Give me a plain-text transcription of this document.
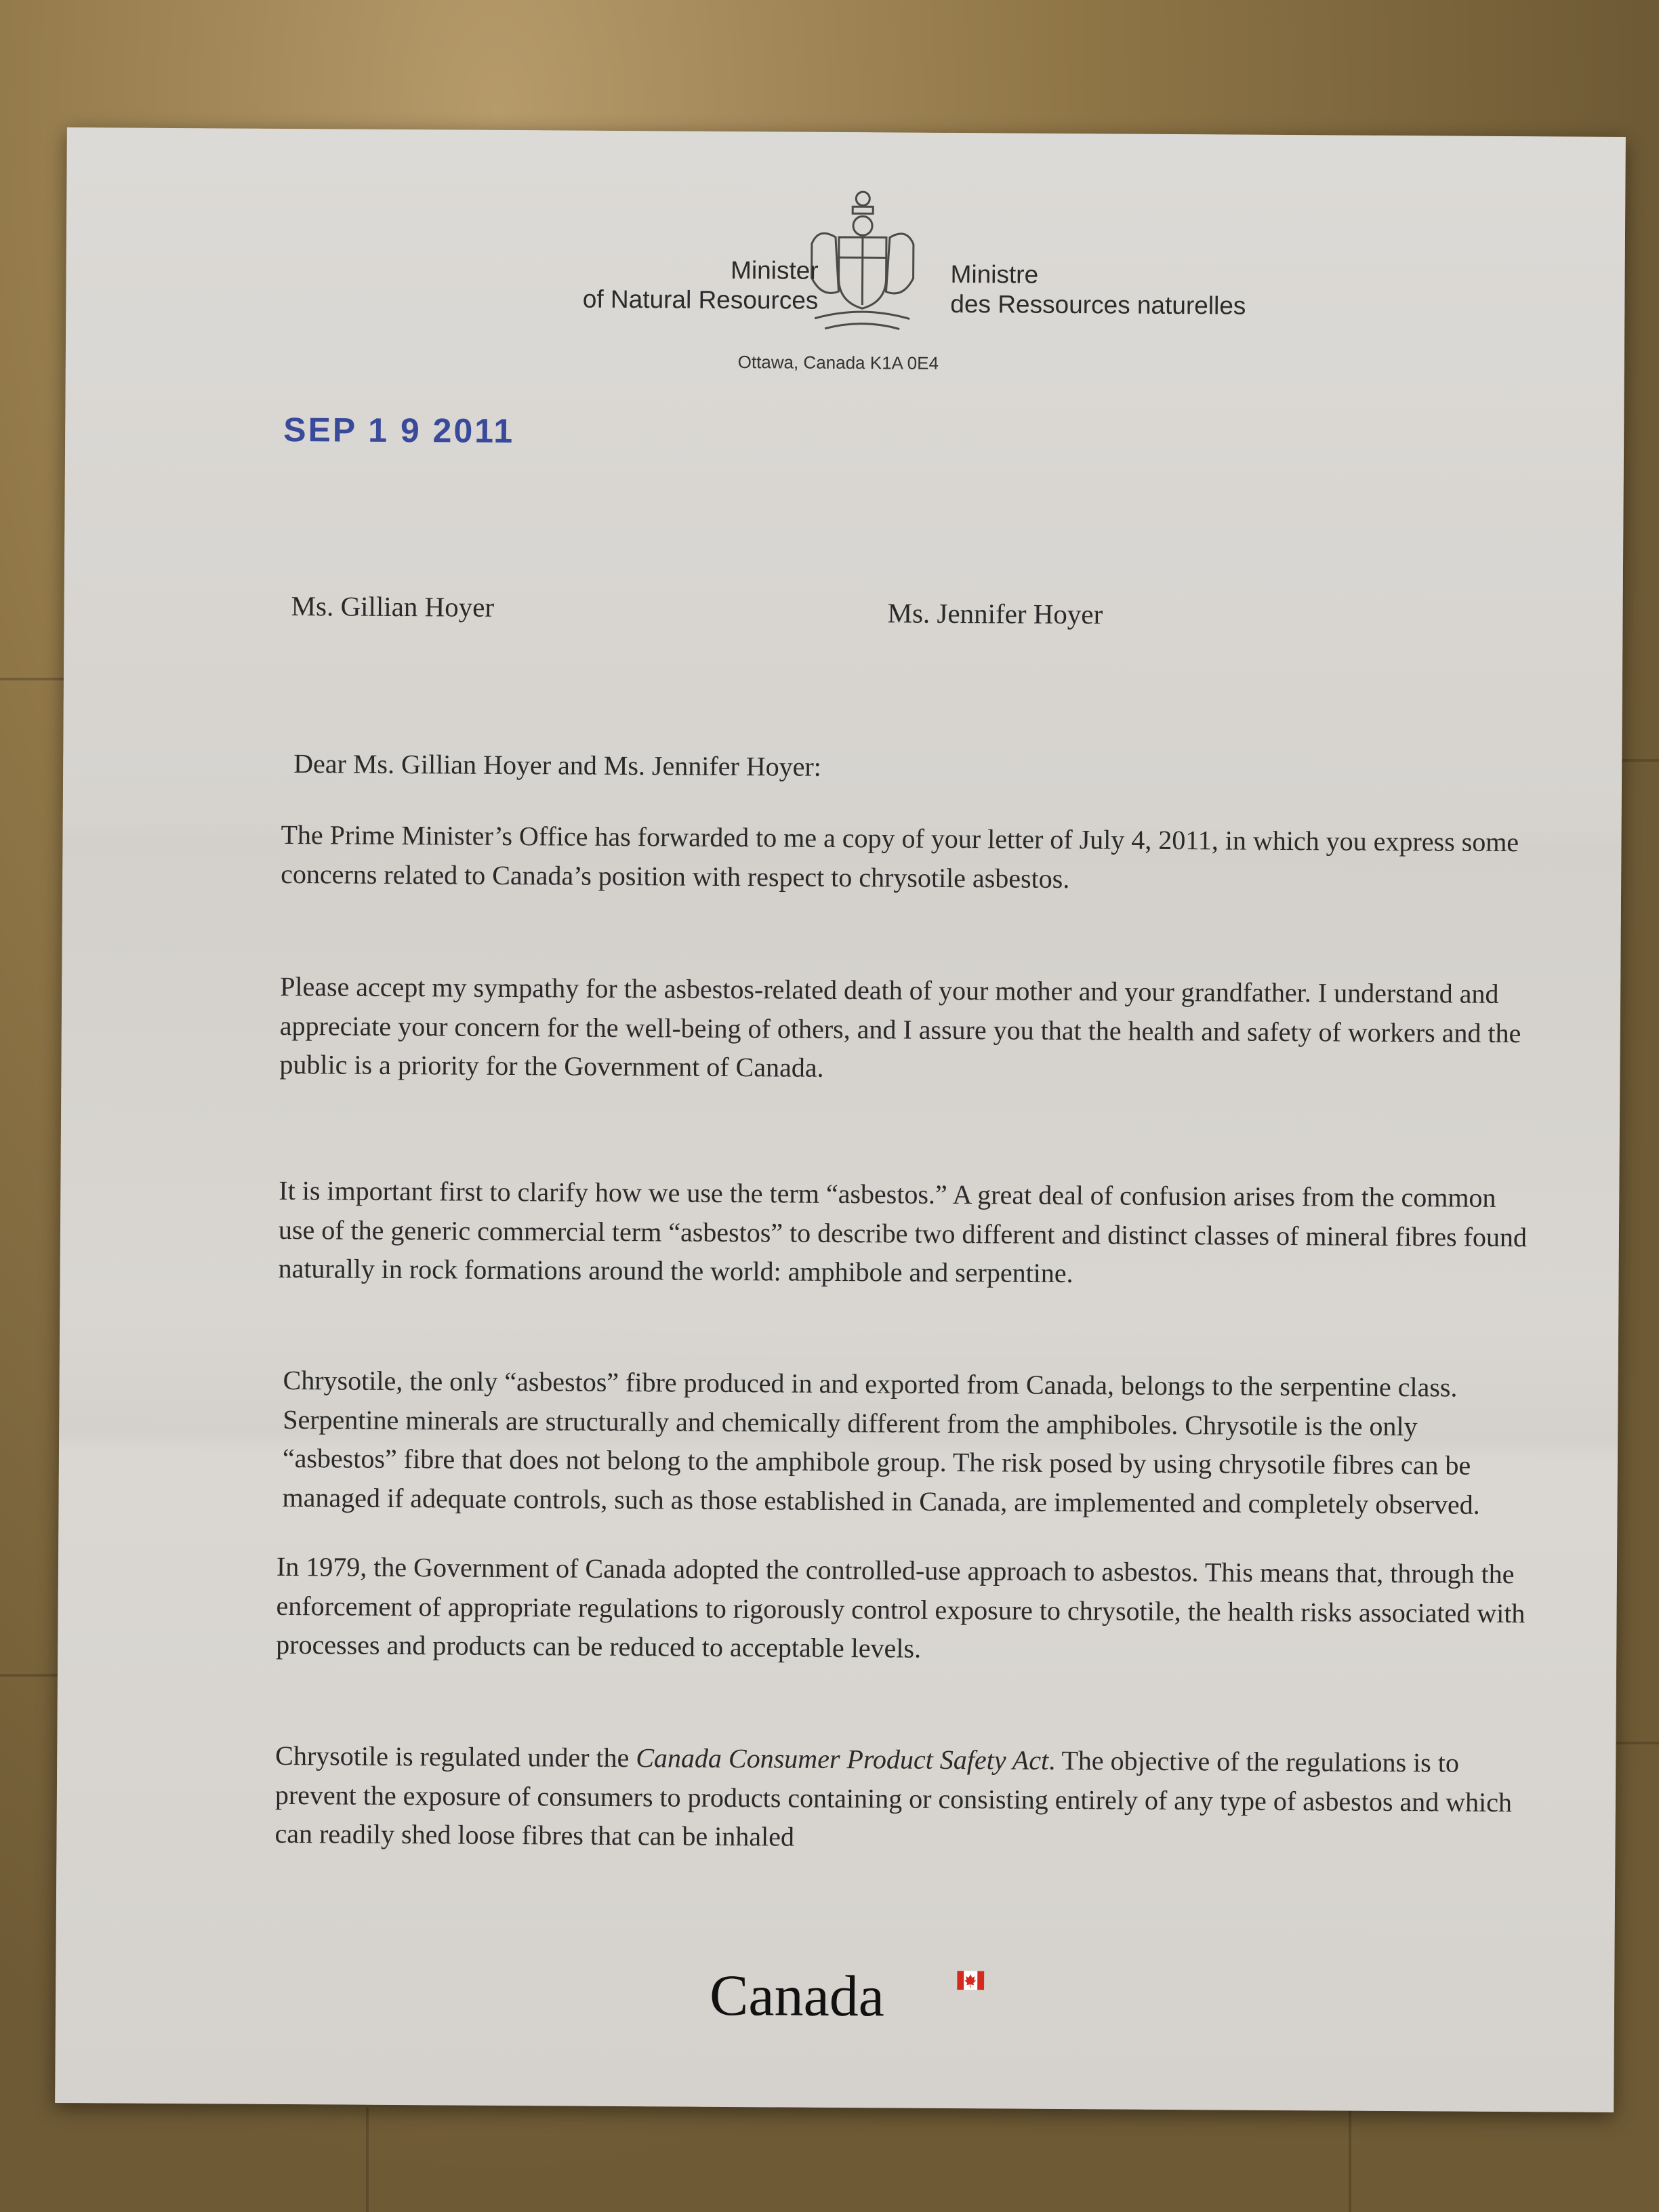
Minister
of Natural Resources
Ministre
des Ressources naturelles
Ottawa, Canada K1A 0E4
SEP 1 9 2011
Ms. Gillian Hoyer	Ms. Jennifer Hoyer
Dear Ms. Gillian Hoyer and Ms. Jennifer Hoyer:
The Prime Minister’s Office has forwarded to me a copy of your letter of July 4, 2011, in which you express some concerns related to Canada’s position with respect to chrysotile asbestos.
Please accept my sympathy for the asbestos-related death of your mother and your grandfather. I understand and appreciate your concern for the well-being of others, and I assure you that the health and safety of workers and the public is a priority for the Government of Canada.
It is important first to clarify how we use the term “asbestos.” A great deal of confusion arises from the common use of the generic commercial term “asbestos” to describe two different and distinct classes of mineral fibres found naturally in rock formations around the world: amphibole and serpentine.
Chrysotile, the only “asbestos” fibre produced in and exported from Canada, belongs to the serpentine class. Serpentine minerals are structurally and chemically different from the amphiboles. Chrysotile is the only “asbestos” fibre that does not belong to the amphibole group. The risk posed by using chrysotile fibres can be managed if adequate controls, such as those established in Canada, are implemented and completely observed.
In 1979, the Government of Canada adopted the controlled-use approach to asbestos. This means that, through the enforcement of appropriate regulations to rigorously control exposure to chrysotile, the health risks associated with processes and products can be reduced to acceptable levels.
Chrysotile is regulated under the Canada Consumer Product Safety Act. The objective of the regulations is to prevent the exposure of consumers to products containing or consisting entirely of any type of asbestos and which can readily shed loose fibres that can be inhaled
Canada
